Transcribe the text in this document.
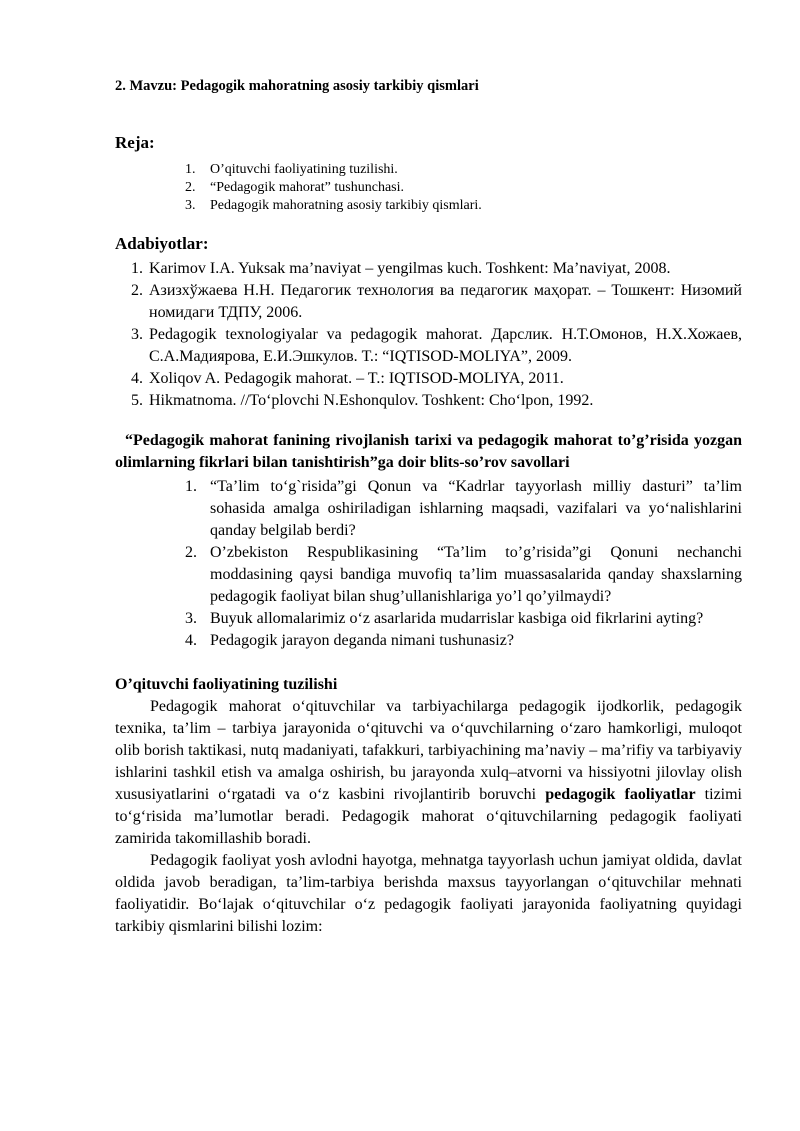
2. Mavzu: Pedagogik mahoratning asosiy tarkibiy qismlari
Reja:
1.	O’qituvchi faoliyatining tuzilishi.
2.	“Pedagogik mahorat” tushunchasi.
3.	Pedagogik mahoratning asosiy tarkibiy qismlari.
Adabiyotlar:
1. Karimov I.A. Yuksak ma’naviyat – yengilmas kuch. Toshkent: Ma’naviyat, 2008.
2. Азизхўжаева Н.Н. Педагогик технология ва педагогик маҳорат. – Тошкент: Низомий номидаги ТДПУ, 2006.
3. Pedagogik texnologiyalar va pedagogik mahorat. Дарслик. Н.Т.Омонов, Н.Х.Хожаев, С.А.Мадиярова, Е.И.Эшкулов. Т.: “IQTISOD-MOLIYA”, 2009.
4. Xoliqov A. Pedagogik mahorat. – T.: IQTISOD-MOLIYA, 2011.
5. Hikmatnoma. //To‘plovchi N.Eshonqulov. Toshkent: Cho‘lpon, 1992.
“Pedagogik mahorat fanining rivojlanish tarixi va pedagogik mahorat to’g’risida yozgan olimlarning fikrlari bilan tanishtirish”ga doir blits-so’rov savollari
1. “Ta’lim to‘g`risida”gi Qonun va “Kadrlar tayyorlash milliy dasturi” ta’lim sohasida amalga oshiriladigan ishlarning maqsadi, vazifalari va yo‘nalishlarini qanday belgilab berdi?
2. O’zbekiston Respublikasining “Ta’lim to’g’risida”gi Qonuni nechanchi moddasining qaysi bandiga muvofiq ta’lim muassasalarida qanday shaxslarning pedagogik faoliyat bilan shug’ullanishlariga yo’l qo’yilmaydi?
3. Buyuk allomalarimiz o‘z asarlarida mudarrislar kasbiga oid fikrlarini ayting?
4. Pedagogik jarayon deganda nimani tushunasiz?
O’qituvchi faoliyatining tuzilishi

Pedagogik mahorat o‘qituvchilar va tarbiyachilarga pedagogik ijodkorlik, pedagogik texnika, ta’lim – tarbiya jarayonida o‘qituvchi va o‘quvchilarning o‘zaro hamkorligi, muloqot olib borish taktikasi, nutq madaniyati, tafakkuri, tarbiyachining ma’naviy – ma’rifiy va tarbiyaviy ishlarini tashkil etish va amalga oshirish, bu jarayonda xulq–atvorni va hissiyotni jilovlay olish xususiyatlarini o‘rgatadi va o‘z kasbini rivojlantirib boruvchi pedagogik faoliyatlar tizimi to‘g‘risida ma’lumotlar beradi. Pedagogik mahorat o‘qituvchilarning pedagogik faoliyati zamirida takomillashib boradi.

Pedagogik faoliyat yosh avlodni hayotga, mehnatga tayyorlash uchun jamiyat oldida, davlat oldida javob beradigan, ta’lim-tarbiya berishda maxsus tayyorlangan o‘qituvchilar mehnati faoliyatidir. Bo‘lajak o‘qituvchilar o‘z pedagogik faoliyati jarayonida faoliyatning quyidagi tarkibiy qismlarini bilishi lozim:
